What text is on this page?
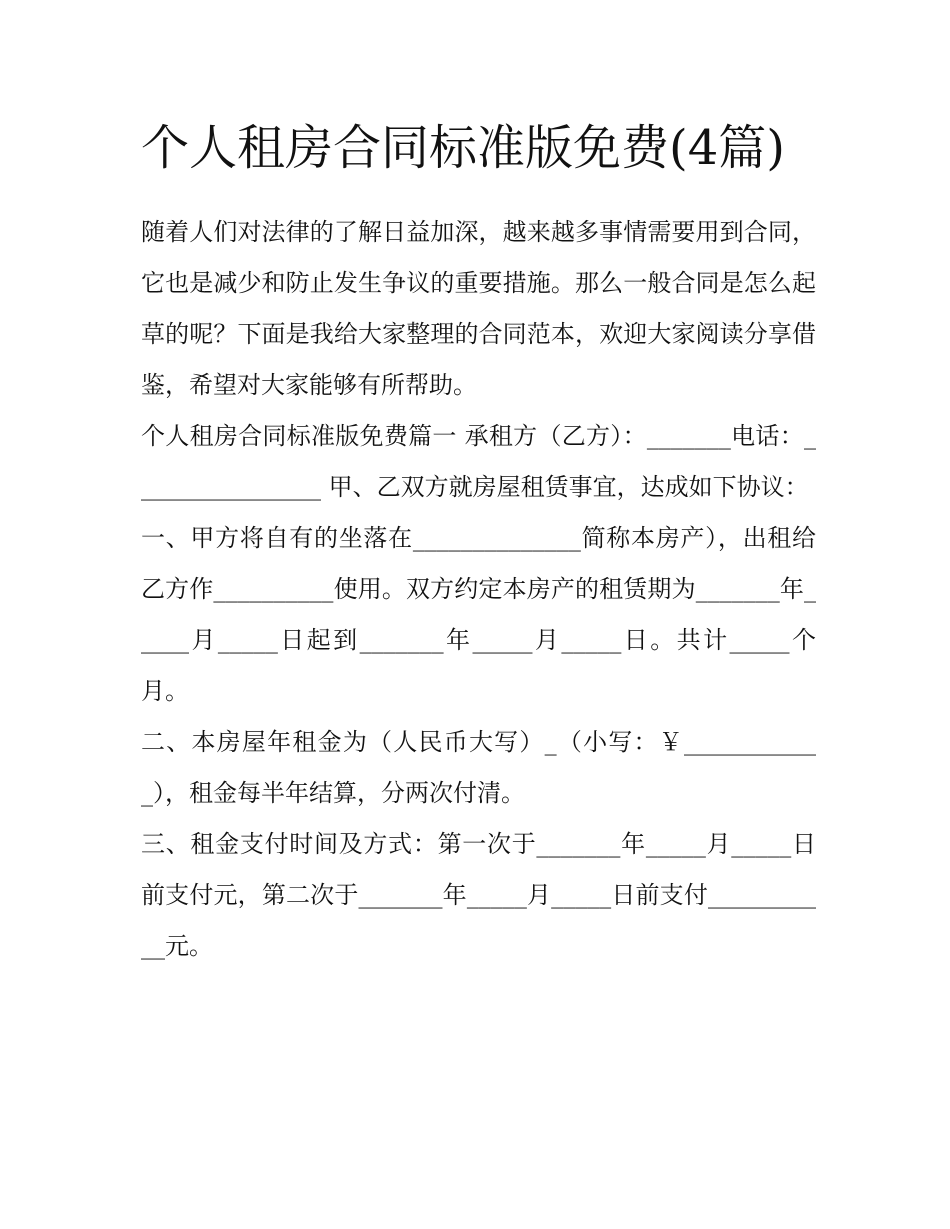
个人租房合同标准版免费(4篇)

随着人们对法律的了解日益加深，越来越多事情需要用到合同，它也是减少和防止发生争议的重要措施。那么一般合同是怎么起草的呢？下面是我给大家整理的合同范本，欢迎大家阅读分享借鉴，希望对大家能够有所帮助。

个人租房合同标准版免费篇一 承租方（乙方）：_______电话：________________ 甲、乙双方就房屋租赁事宜，达成如下协议：

一、甲方将自有的坐落在______________简称本房产），出租给乙方作__________使用。双方约定本房产的租赁期为_______年_____月_____日起到_______年_____月_____日。共计_____个月。

二、本房屋年租金为（人民币大写）_（小写：￥____________），租金每半年结算，分两次付清。

三、租金支付时间及方式：第一次于_______年_____月_____日前支付元，第二次于_______年_____月_____日前支付___________元。
